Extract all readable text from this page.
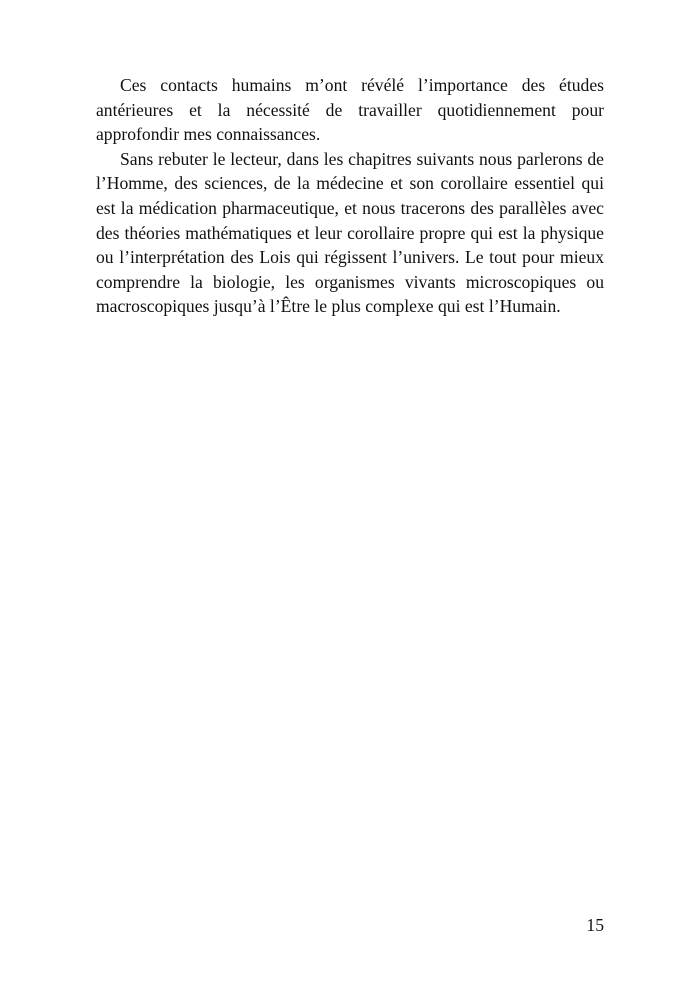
Ces contacts humains m’ont révélé l’importance des études antérieures et la nécessité de travailler quotidiennement pour approfondir mes connaissances.

Sans rebuter le lecteur, dans les chapitres suivants nous parlerons de l’Homme, des sciences, de la médecine et son corollaire essentiel qui est la médication pharmaceutique, et nous tracerons des parallèles avec des théories mathématiques et leur corollaire propre qui est la physique ou l’interprétation des Lois qui régissent l’univers. Le tout pour mieux comprendre la biologie, les organismes vivants microscopiques ou macroscopiques jusqu’à l’Être le plus complexe qui est l’Humain.

15
